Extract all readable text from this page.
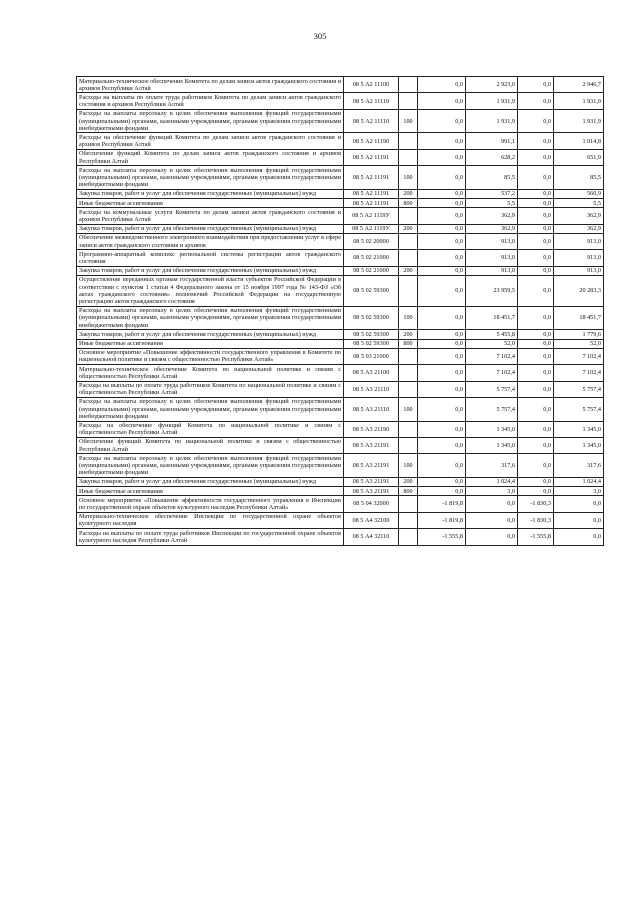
305
Материально-техническое обеспечение Комитета по делам записи актов гражданского состояния и архивов Республики Алтай	08 5 А2 11100		0,0	2 923,0	0,0	2 946,7
Расходы на выплаты по оплате труда работников Комитета по делам записи актов гражданского состояния и архивов Республики Алтай	08 5 А2 11110		0,0	1 931,9	0,0	1 931,9
Расходы на выплаты персоналу в целях обеспечения выполнения функций государственными (муниципальными) органами, казенными учреждениями, органами управления государственными внебюджетными фондами	08 5 А2 11110	100	0,0	1 931,9	0,0	1 931,9
Расходы на обеспечение функций Комитета по делам записи актов гражданского состояния и архивов Республики Алтай	08 5 А2 11190		0,0	991,1	0,0	1 014,8
Обеспечение функций Комитета по делам записи актов гражданского состояния и архивов Республики Алтай	08 5 А2 11191		0,0	628,2	0,0	651,9
Расходы на выплаты персоналу в целях обеспечения выполнения функций государственными (муниципальными) органами, казенными учреждениями, органами управления государственными внебюджетными фондами	08 5 А2 11191	100	0,0	85,5	0,0	85,5
Закупка товаров, работ и услуг для обеспечения государственных (муниципальных) нужд	08 5 А2 11191	200	0,0	537,2	0,0	560,9
Иные бюджетные ассигнования	08 5 А2 11191	800	0,0	5,5	0,0	5,5
Расходы на коммунальные услуги Комитета по делам записи актов гражданского состояния и архивов Республики Алтай	08 5 А2 1119У		0,0	362,9	0,0	362,9
Закупка товаров, работ и услуг для обеспечения государственных (муниципальных) нужд	08 5 А2 1119У	200	0,0	362,9	0,0	362,9
Обеспечение межведомственного электронного взаимодействия при предоставлении услуг в сфере записи актов гражданского состояния и архивов	08 5 02 20000		0,0	913,0	0,0	913,0
Программно-аппаратный комплекс региональной системы регистрации актов гражданского состояния	08 5 02 21000		0,0	913,0	0,0	913,0
Закупка товаров, работ и услуг для обеспечения государственных (муниципальных) нужд	08 5 02 21000	200	0,0	913,0	0,0	913,0
Осуществление переданных органам государственной власти субъектов Российской Федерации в соответствии с пунктом 1 статьи 4 Федерального закона от 15 ноября 1997 года № 143-ФЗ «Об актах гражданского состояния» полномочий Российской Федерации на государственную регистрацию актов гражданского состояния	08 5 02 59300		0,0	23 959,5	0,0	20 283,3
Расходы на выплаты персоналу в целях обеспечения выполнения функций государственными (муниципальными) органами, казенными учреждениями, органами управления государственными внебюджетными фондами	08 5 02 59300	100	0,0	18 451,7	0,0	18 451,7
Закупка товаров, работ и услуг для обеспечения государственных (муниципальных) нужд	08 5 02 59300	200	0,0	5 455,8	0,0	1 779,6
Иные бюджетные ассигнования	08 5 02 59300	800	0,0	52,0	0,0	52,0
Основное мероприятие «Повышение эффективности государственного управления в Комитете по национальной политике и связям с общественностью Республики Алтай»	08 5 03 21000		0,0	7 102,4	0,0	7 102,4
Материально-техническое обеспечение Комитета по национальной политике и связям с общественностью Республики Алтай	08 5 А3 21100		0,0	7 102,4	0,0	7 102,4
Расходы на выплаты по оплате труда работников Комитета по национальной политике и связям с общественностью Республики Алтай	08 5 А3 21110		0,0	5 757,4	0,0	5 757,4
Расходы на выплаты персоналу в целях обеспечения выполнения функций государственными (муниципальными) органами, казенными учреждениями, органами управления государственными внебюджетными фондами	08 5 А3 21110	100	0,0	5 757,4	0,0	5 757,4
Расходы на обеспечение функций Комитета по национальной политике и связям с общественностью Республики Алтай	08 5 А3 21190		0,0	1 345,0	0,0	1 345,0
Обеспечение функций Комитета по национальной политике и связям с общественностью Республики Алтай	08 5 А3 21191		0,0	1 345,0	0,0	1 345,0
Расходы на выплаты персоналу в целях обеспечения выполнения функций государственными (муниципальными) органами, казенными учреждениями, органами управления государственными внебюджетными фондами	08 5 А3 21191	100	0,0	317,6	0,0	317,6
Закупка товаров, работ и услуг для обеспечения государственных (муниципальных) нужд	08 5 А3 21191	200	0,0	1 024,4	0,0	1 024,4
Иные бюджетные ассигнования	08 5 А3 21191	800	0,0	3,0	0,0	3,0
Основное мероприятие «Повышение эффективности государственного управления в Инспекции по государственной охране объектов культурного наследия Республики Алтай»	08 5 04 32000		-1 819,8	0,0	-1 830,3	0,0
Материально-техническое обеспечение Инспекции по государственной охране объектов культурного наследия	08 5 А4 32100		-1 819,8	0,0	-1 830,3	0,0
Расходы на выплаты по оплате труда работников Инспекции по государственной охране объектов культурного наследия Республики Алтай	08 5 А4 32110		-1 555,8	0,0	-1 555,8	0,0
